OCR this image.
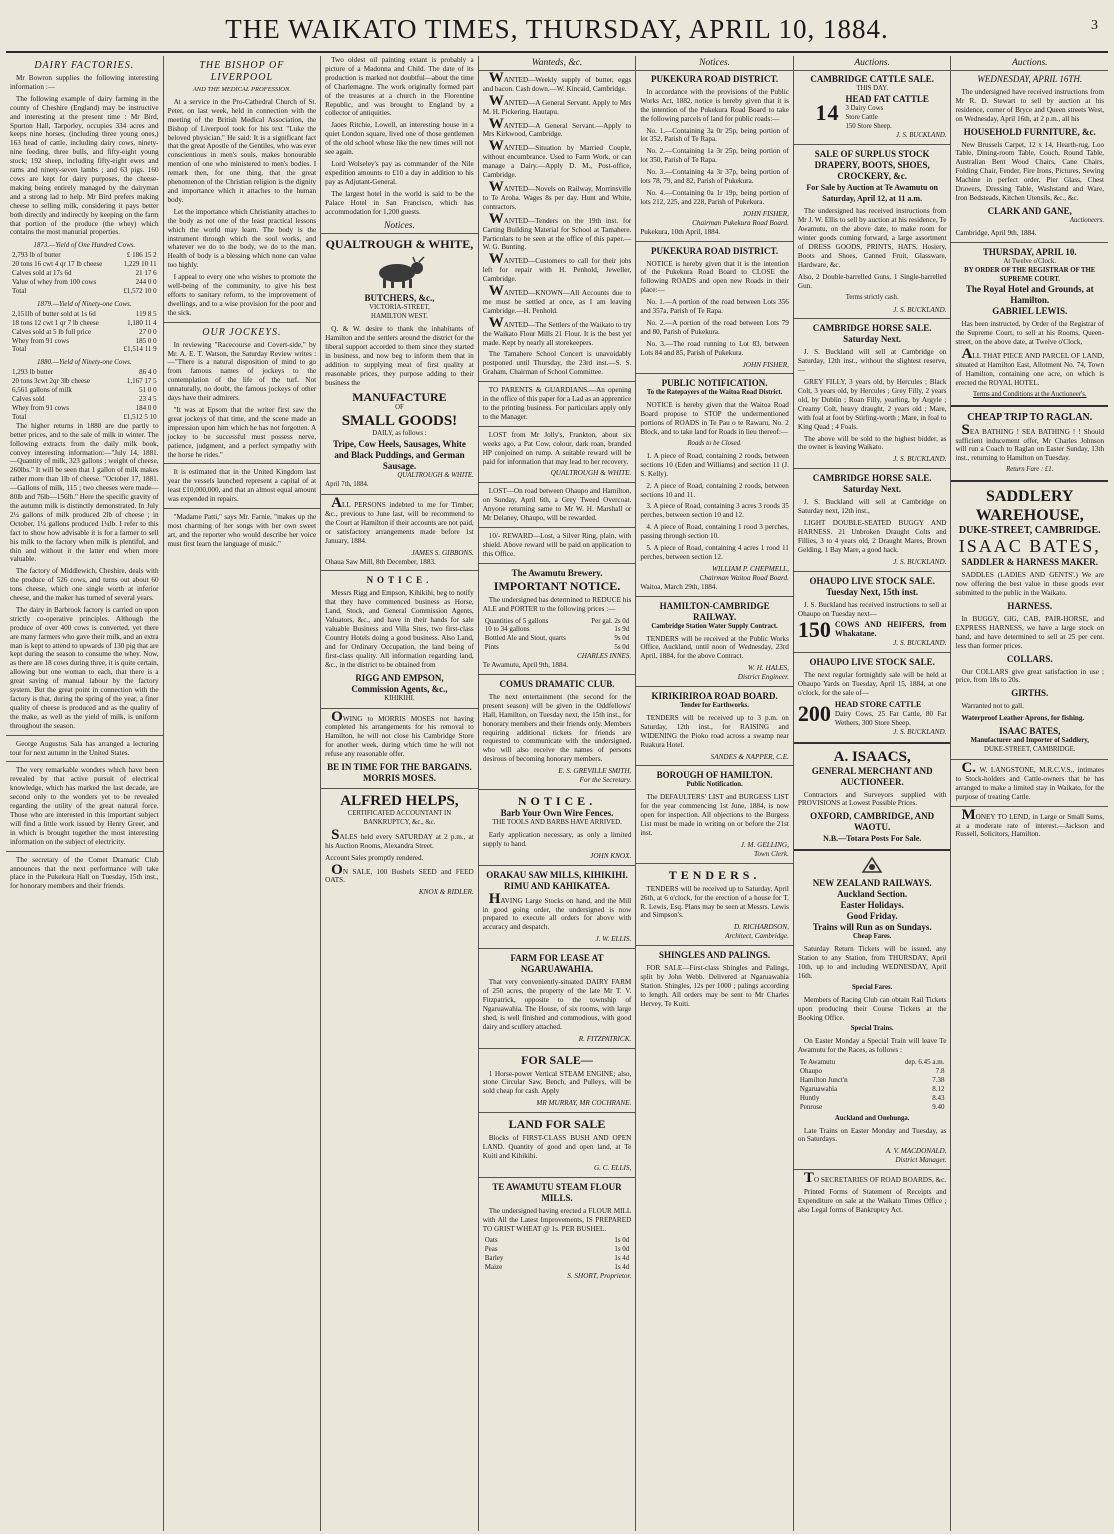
THE WAIKATO TIMES, THURSDAY, APRIL 10, 1884.	3
DAIRY FACTORIES.

Mr Bowron supplies the following interesting information :—

The following example of dairy farming in the county of Cheshire (England) may be instructive and interesting at the present time : Mr Bird, Spurton Hall, Tarporley, occupies 334 acres and keeps nine horses, (including three young ones,) 163 head of cattle, including dairy cows, ninety-nine feeding, three bulls, and fifty-eight young stock; 192 sheep, including fifty-eight ewes and rams and ninety-seven lambs ; and 63 pigs. 160 cows are kept for dairy purposes, the cheese-making being entirely managed by the dairyman and a strong lad to help. Mr Bird prefers making cheese to selling milk, considering it pays better both directly and indirectly by keeping on the farm that portion of the produce (the whey) which contains the most manurial properties.

1873.—Yield of One Hundred Cows.
2,793 lb of butter	£ 186 15 2
20 tons 16 cwt 4 qr 17 lb cheese	1,229 10 11
Calves sold at 17s 6d	21 17 6
Value of whey from 100 cows	244 0 0
Total	£1,572 10 0
1879.—Yield of Ninety-one Cows.
2,151lb of butter sold at 1s 6d	119 8 5
18 tons 12 cwt 1 qr 7 lb cheese	1,180 11 4
Calves sold at 5 lb full price	27 0 0
Whey from 91 cows	185 0 0
Total	£1,514 11 9
1880.—Yield of Ninety-one Cows.
1,293 lb butter	86 4 0
20 tons 3cwt 2qr 3lb cheese	1,167 17 5
6,561 gallons of milk	51 0 0
Calves sold	23 4 5
Whey from 91 cows	184 0 0
Total	£1,512 5 10

The higher returns in 1880 are due partly to better prices, and to the sale of milk in winter. The following extracts from the daily milk book, convey interesting information:—"July 14, 1881.—Quantity of milk, 323 gallons ; weight of cheese, 260lbs." It will be seen that 1 gallon of milk makes rather more than 1lb of cheese. "October 17, 1881.—Gallons of milk, 115 ; two cheeses were made—80lb and 76lb—156lb." Here the specific gravity of the autumn milk is distinctly demonstrated. In July 2¼ gallons of milk produced 2lb of cheese ; in October, 1¼ gallons produced 1¼lb. I refer to this fact to show how advisable it is for a farmer to sell his milk to the factory when milk is plentiful, and thin and without it the latter end when more valuable.

The factory of Middlewich, Cheshire, deals with the produce of 526 cows, and turns out about 60 tons cheese, which one single worth at inferior cheese, and the maker has turned of several years.

The dairy in Barbrook factory is carried on upon strictly co-operative principles. Although the produce of over 400 cows is converted, yet there are many farmers who gave their milk, and an extra man is kept to attend to upwards of 130 pig that are kept during the season to consume the whey. Now, as there are 18 cows during three, it is quite certain, allowing but one woman to each, that there is a great saving of manual labour by the factory system. But the great point in connection with the factory is that, during the spring of the year, a finer quality of cheese is produced and as the quality of the make, as well as the yield of milk, is uniform throughout the season.

George Augustus Sala has arranged a lecturing tour for next autumn in the United States.

The very remarkable wonders which have been revealed by that active pursuit of electrical knowledge, which has marked the last decade, are second only to the wonders yet to be revealed regarding the utility of the great natural force. Those who are interested in this important subject will find a little work issued by Henry Greer, and in which is brought together the most interesting information on the subject of electricity.

The secretary of the Comet Dramatic Club announces that the next performance will take place in the Pukekura Hall on Tuesday, 15th inst., for honorary members and their friends.

THE BISHOP OF LIVERPOOL
AND THE MEDICAL PROFESSION.

At a service in the Pro-Cathedral Church of St. Peter, on last week, held in connection with the meeting of the British Medical Association, the Bishop of Liverpool took for his text "Luke the beloved physician." He said: It is a significant fact that the great Apostle of the Gentiles, who was ever conscientious in men's souls, makes honourable mention of one who ministered to men's bodies. I remark then, for one thing, that the great phenomenon of the Christian religion is the dignity and importance which it attaches to the human body.

Let the importance which Christianity attaches to the body as not one of the least practical lessons which the world may learn. The body is the instrument through which the soul works, and whatever we do to the body, we do to the man. Health of body is a blessing which none can value too highly.

I appeal to every one who wishes to promote the well-being of the community, to give his best efforts to sanitary reform, to the improvement of dwellings, and to a wise provision for the poor and the sick.

OUR JOCKEYS.

In reviewing "Racecourse and Covert-side," by Mr. A. E. T. Watson, the Saturday Review writes :—"There is a natural disposition of mind to go from famous names of jockeys to the contemplation of the life of the turf. Not unnaturally, no doubt, the famous jockeys of other days have their admirers.

"It was at Epsom that the writer first saw the great jockeys of that time, and the scene made an impression upon him which he has not forgotten. A jockey to be successful must possess nerve, patience, judgment, and a perfect sympathy with the horse he rides."

It is estimated that in the United Kingdom last year the vessels launched represent a capital of at least £10,000,000, and that an almost equal amount was expended in repairs.

"Madame Patti," says Mr. Farnie, "makes up the most charming of her songs with her own sweet art, and the reporter who would describe her voice must first learn the language of music."

Two oldest oil painting extant is probably a picture of a Madonna and Child. The date of its production is marked not doubtful—about the time of Charlemagne. The work originally formed part of the treasures at a church in the Florentine Republic, and was brought to England by a collector of antiquities.

Jaoes Ritchie, Lowell, an interesting house in a quiet London square, lived one of those gentlemen of the old school whose like the new times will not see again.

Lord Wolseley's pay as commander of the Nile expedition amounts to £10 a day in addition to his pay as Adjutant-General.

The largest hotel in the world is said to be the Palace Hotel in San Francisco, which has accommodation for 1,200 guests.

Notices.
QUALTROUGH & WHITE,
BUTCHERS, &c.,
VICTORIA-STREET,
HAMILTON WEST.

Q. & W. desire to thank the inhabitants of Hamilton and the settlers around the district for the liberal support accorded to them since they started in business, and now beg to inform them that in addition to supplying meat of first quality at reasonable prices, they purpose adding to their business the

MANUFACTURE
OF
SMALL GOODS!
DAILY, as follows :
Tripe, Cow Heels, Sausages, White and Black Puddings, and German Sausage.
QUALTROUGH & WHITE.
April 7th, 1884.

ALL PERSONS indebted to me for Timber, &c., previous to June last, will be recommend to the Court at Hamilton if their accounts are not paid, or satisfactory arrangements made before 1st January, 1884.

JAMES S. GIBBONS.
Ohaua Saw Mill, 8th December, 1883.
NOTICE.

Messrs Rigg and Empson, Kihikihi, beg to notify that they have commenced business as Horse, Land, Stock, and General Commission Agents, Valuators, &c., and have in their hands for sale valuable Business and Villa Sites, two first-class Country Hotels doing a good business. Also Land, and for Ordinary Occupation, the land being of first-class quality. All information regarding land, &c., in the district to be obtained from

RIGG AND EMPSON,
Commission Agents, &c.,
KIHIKIHI.

OWING to MORRIS MOSES not having completed his arrangements for his removal to Hamilton, he will not close his Cambridge Store for another week, during which time he will not refuse any reasonable offer.

BE IN TIME FOR THE BARGAINS.
MORRIS MOSES.
ALFRED HELPS,
CERTIFICATED ACCOUNTANT IN BANKRUPTCY, &c., &c.

SALES held every SATURDAY at 2 p.m., at his Auction Rooms, Alexandra Street.

Account Sales promptly rendered.

ON SALE, 100 Bushels SEED and FEED OATS.

KNOX & RIDLER.
Wanteds, &c.

WANTED—Weekly supply of butter, eggs and bacon. Cash down.—W. Kincaid, Cambridge.

WANTED—A General Servant. Apply to Mrs M. H. Pickering, Hautapu.

WANTED—A General Servant.—Apply to Mrs Kirkwood, Cambridge.

WANTED—Situation by Married Couple, without encumbrance. Used to Farm Work, or can manage a Dairy.—Apply D. M., Post-office, Cambridge.

WANTED—Novels on Railway, Morrinsville to Te Aroha. Wages 8s per day. Hunt and White, contractors.

WANTED—Tenders on the 19th inst. for Carting Building Material for School at Tamahere. Particulars to be seen at the office of this paper.—W. G. Bunting.

WANTED—Customers to call for their jobs left for repair with H. Penhold, Jeweller, Cambridge.

WANTED—KNOWN—All Accounts due to me must be settled at once, as I am leaving Cambridge.—H. Penhold.

WANTED—The Settlers of the Waikato to try the Waikato Flour Mills 21 Flour. It is the best yet made. Kept by nearly all storekeepers.

The Tamahere School Concert is unavoidably postponed until Thursday, the 23rd inst.—S. S. Graham, Chairman of School Committee.

TO PARENTS & GUARDIANS.—An opening in the office of this paper for a Lad as an apprentice to the printing business. For particulars apply only to the Manager.

LOST from Mr Jolly's, Frankton, about six weeks ago, a Pat Cow, colour, dark roan, branded HP conjoined on rump. A suitable reward will be paid for information that may lead to her recovery.

QUALTROUGH & WHITE.

LOST—On road between Ohaupo and Hamilton, on Sunday, April 6th, a Grey Tweed Overcoat. Anyone returning same to Mr W. H. Marshall or Mr Delaney, Ohaupo, will be rewarded.

10/- REWARD—Lost, a Silver Ring, plain, with shield. Above reward will be paid on application to this Office.

The Awamutu Brewery.
IMPORTANT NOTICE.

The undersigned has determined to REDUCE his ALE and PORTER to the following prices :—

Quantities of 5 gallons	Per gal. 2s 0d
10 to 34 gallons	1s 9d
Bottled Ale and Stout, quarts	9s 0d
Pints	5s 0d
CHARLES INNES.
Te Awamutu, April 9th, 1884.
COMUS DRAMATIC CLUB.

The next entertainment (the second for the present season) will be given in the Oddfellows' Hall, Hamilton, on Tuesday next, the 15th inst., for honorary members and their friends only. Members requiring additional tickets for friends are requested to communicate with the undersigned, who will also receive the names of persons desirous of becoming honorary members.

E. S. GREVILLE SMITH,
For the Secretary.
NOTICE.
Barb Your Own Wire Fences.
THE TOOLS AND BARBS HAVE ARRIVED.

Early application necessary, as only a limited supply to hand.

JOHN KNOX.
ORAKAU SAW MILLS, KIHIKIHI.
RIMU AND KAHIKATEA.

HAVING Large Stocks on hand, and the Mill in good going order, the undersigned is now prepared to execute all orders for above with accuracy and despatch.

J. W. ELLIS.
FARM FOR LEASE AT NGARUAWAHIA.

That very conveniently-situated DAIRY FARM of 250 acres, the property of the late Mr T. V. Fitzpatrick, opposite to the township of Ngaruawahia. The House, of six rooms, with large shed, is well finished and commodious, with good dairy and scullery attached.

R. FITZPATRICK.
FOR SALE—

1 Horse-power Vertical STEAM ENGINE; also, stone Circular Saw, Bench, and Pulleys, will be sold cheap for cash. Apply

MR MURRAY, MR COCHRANE.
LAND FOR SALE

Blocks of FIRST-CLASS BUSH AND OPEN LAND. Quantity of good and open land, at Te Kuiti and Kihikihi.

G. C. ELLIS,
TE AWAMUTU STEAM FLOUR MILLS.

The undersigned having erected a FLOUR MILL with All the Latest Improvements, IS PREPARED TO GRIST WHEAT @ 1s. PER BUSHEL.

Oats	1s 0d
Peas	1s 0d
Barley	1s 4d
Maize	1s 4d
S. SHORT, Proprietor.
Notices.
PUKEKURA ROAD DISTRICT.

In accordance with the provisions of the Public Works Act, 1882, notice is hereby given that it is the intention of the Pukekura Road Board to take the following parcels of land for public roads:—

No. 1.—Containing 3a 0r 25p, being portion of lot 352, Parish of Te Rapa.

No. 2.—Containing 1a 3r 25p, being portion of lot 350, Parish of Te Rapa.

No. 3.—Containing 4a 3r 37p, being portion of lots 78, 79, and 82, Parish of Pukekura.

No. 4.—Containing 0a 1r 19p, being portion of lots 212, 225, and 228, Parish of Pukekura.

JOHN FISHER,
Chairman Pukekura Road Board.
Pukekura, 10th April, 1884.
PUKEKURA ROAD DISTRICT.

NOTICE is hereby given that it is the intention of the Pukekura Road Board to CLOSE the following ROADS and open new Roads in their place:—

No. 1.—A portion of the road between Lots 356 and 357a, Parish of Te Rapa.

No. 2.—A portion of the road between Lots 79 and 80, Parish of Pukekura.

No. 3.—The road running to Lot 83, between Lots 84 and 85, Parish of Pukekura.

JOHN FISHER,
PUBLIC NOTIFICATION.
To the Ratepayers of the Waitoa Road District.

NOTICE is hereby given that the Waitoa Road Board propose to STOP the undermentioned portions of ROADS in Te Pau o te Rawaru, No. 2 Block, and to take land for Roads in lieu thereof:—

Roads to be Closed.

1. A piece of Road, containing 2 roods, between sections 10 (Eden and Williams) and section 11 (J. S. Kelly).

2. A piece of Road, containing 2 roods, between sections 10 and 11.

3. A piece of Road, containing 3 acres 3 roods 35 perches, between section 10 and 12.

4. A piece of Road, containing 1 rood 3 perches, passing through section 10.

5. A piece of Road, containing 4 acres 1 rood 11 perches, between section 12.

WILLIAM P. CHEPMELL,
Chairman Waitoa Road Board.
Waitoa, March 29th, 1884.
HAMILTON-CAMBRIDGE RAILWAY.
Cambridge Station Water Supply Contract.

TENDERS will be received at the Public Works Office, Auckland, until noon of Wednesday, 23rd April, 1884, for the above Contract.

W. H. HALES,
District Engineer.
KIRIKIRIROA ROAD BOARD.
Tender for Earthworks.

TENDERS will be received up to 3 p.m. on Saturday, 12th inst., for RAISING and WIDENING the Pioko road across a swamp near Ruakura Hotel.

SANDES & NAPPER, C.E.
BOROUGH OF HAMILTON.
Public Notification.

The DEFAULTERS' LIST and BURGESS LIST for the year commencing 1st June, 1884, is now open for inspection. All objections to the Burgess List must be made in writing on or before the 21st inst.

J. M. GELLING,
Town Clerk.
TENDERS.

TENDERS will be received up to Saturday, April 26th, at 6 o'clock, for the erection of a house for T. R. Lewis, Esq. Plans may be seen at Messrs. Lewis and Simpson's.

D. RICHARDSON,
Architect, Cambridge.
SHINGLES AND PALINGS.

FOR SALE—First-class Shingles and Palings, split by John Webb. Delivered at Ngaruawahia Station. Shingles, 12s per 1000 ; palings according to length. All orders may be sent to Mr Charles Hervey, Te Kuiti.

Auctions.
CAMBRIDGE CATTLE SALE.
THIS DAY.
14
HEAD FAT CATTLE
3 Dairy Cows
Store Cattle
150 Store Sheep.
J. S. BUCKLAND.
SALE OF SURPLUS STOCK
DRAPERY, BOOTS, SHOES, CROCKERY, &c.
For Sale by Auction at Te Awamutu on Saturday, April 12, at 11 a.m.

The undersigned has received instructions from Mr J. W. Ellis to sell by auction at his residence, Te Awamutu, on the above date, to make room for winter goods coming forward, a large assortment of DRESS GOODS, PRINTS, HATS, Hosiery, Boots and Shoes, Canned Fruit, Glassware, Hardware, &c.

Also, 2 Double-barrelled Guns, 1 Single-barrelled Gun.
Terms strictly cash.
J. S. BUCKLAND.
CAMBRIDGE HORSE SALE.
Saturday Next.

J. S. Buckland will sell at Cambridge on Saturday, 12th inst., without the slightest reserve,—

GREY FILLY, 3 years old, by Hercules ; Black Colt, 3 years old, by Hercules ; Grey Filly, 2 years old, by Dublin ; Roan Filly, yearling, by Argyle ; Creamy Colt, heavy draught, 2 years old ; Mare, with foal at foot by Stirling-worth ; Mare, in foal to King Quad ; 4 Foals.

The above will be sold to the highest bidder, as the owner is leaving Waikato.

J. S. BUCKLAND.
CAMBRIDGE HORSE SALE.
Saturday Next.

J. S. Buckland will sell at Cambridge on Saturday next, 12th inst.,

LIGHT DOUBLE-SEATED BUGGY AND HARNESS. 21 Unbroken Draught Colts and Fillies, 3 to 4 years old, 2 Draught Mares, Brown Gelding, 1 Bay Mare, a good hack.

J. S. BUCKLAND.
OHAUPO LIVE STOCK SALE.
Tuesday Next, 15th inst.

J. S. Buckland has received instructions to sell at Ohaupo on Tuesday next—

150 COWS AND HEIFERS, from Whakatane.
J. S. BUCKLAND.
OHAUPO LIVE STOCK SALE.

The next regular fortnightly sale will be held at Ohaupo Yards on Tuesday, April 15, 1884, at one o'clock, for the sale of—

200 HEAD STORE CATTLE
Dairy Cows, 25 Fat Cattle, 80 Fat Wethers, 300 Store Sheep.
J. S. BUCKLAND.
A. ISAACS,
GENERAL MERCHANT AND AUCTIONEER.

Contractors and Surveyors supplied with PROVISIONS at Lowest Possible Prices.

OXFORD, CAMBRIDGE, AND WAOTU.
N.B.—Totara Posts For Sale.
NEW ZEALAND RAILWAYS.
Auckland Section.
Easter Holidays.
Good Friday.
Trains will Run as on Sundays.
Cheap Fares.

Saturday Return Tickets will be issued, any Station to any Station, from THURSDAY, April 10th, up to and including WEDNESDAY, April 16th.

Special Fares.

Members of Racing Club can obtain Rail Tickets upon producing their Course Tickets at the Booking Office.

Special Trains.

On Easter Monday a Special Train will leave Te Awamutu for the Races, as follows :

Te Awamutu	dep. 6.45 a.m.
Ohaupo	7.8
Hamilton Junct'n	7.38
Ngaruawahia	8.12
Huntly	8.43
Penrose	9.40
Auckland and Onehunga.

Late Trains on Easter Monday and Tuesday, as on Saturdays.

A. V. MACDONALD,
District Manager.

TO SECRETARIES OF ROAD BOARDS, &c.

Printed Forms of Statement of Receipts and Expenditure on sale at the Waikato Times Office ; also Legal forms of Bankruptcy Act.

Auctions.
WEDNESDAY, APRIL 16TH.

The undersigned have received instructions from Mr R. D. Stewart to sell by auction at his residence, corner of Bryce and Queen streets West, on Wednesday, April 16th, at 2 p.m., all his

HOUSEHOLD FURNITURE, &c.

New Brussels Carpet, 12 x 14, Hearth-rug, Loo Table, Dining-room Table, Couch, Round Table, Australian Bent Wood Chairs, Cane Chairs, Folding Chair, Fender, Fire Irons, Pictures, Sewing Machine in perfect order, Pier Glass, Chest Drawers, Dressing Table, Washstand and Ware, Iron Bedsteads, Kitchen Utensils, &c., &c.

CLARK AND GANE,
Auctioneers.
Cambridge, April 9th, 1884.
THURSDAY, APRIL 10.
At Twelve o'Clock.
BY ORDER OF THE REGISTRAR OF THE SUPREME COURT.
The Royal Hotel and Grounds, at Hamilton.
GABRIEL LEWIS.

Has been instructed, by Order of the Registrar of the Supreme Court, to sell at his Rooms, Queen-street, on the above date, at Twelve o'Clock,

ALL THAT PIECE AND PARCEL OF LAND, situated at Hamilton East, Allotment No. 74, Town of Hamilton, containing one acre, on which is erected the ROYAL HOTEL.

Terms and Conditions at the Auctioneer's.
CHEAP TRIP TO RAGLAN.

SEA BATHING ! SEA BATHING ! ! Should sufficient inducement offer, Mr Charles Johnson will run a Coach to Raglan on Easter Sunday, 13th inst., returning to Hamilton on Tuesday.

Return Fare : £1.
SADDLERY WAREHOUSE,
DUKE-STREET, CAMBRIDGE.
ISAAC BATES,
SADDLER & HARNESS MAKER.

SADDLES (LADIES AND GENTS'.) We are now offering the best value in these goods ever submitted to the public in the Waikato.

HARNESS.

In BUGGY, GIG, CAB, PAIR-HORSE, and EXPRESS HARNESS, we have a large stock on hand, and have determined to sell at 25 per cent. less than former prices.

COLLARS.

Our COLLARS give great satisfaction in use ; price, from 18s to 20s.

GIRTHS.

Warranted not to gall.

Waterproof Leather Aprons, for fishing.

ISAAC BATES,
Manufacturer and Importer of Saddlery,
DUKE-STREET, CAMBRIDGE.

C. W. LANGSTONE, M.R.C.V.S., intimates to Stock-holders and Cattle-owners that he has arranged to make a limited stay in Waikato, for the purpose of treating Cattle.

MONEY TO LEND, in Large or Small Sums, at a moderate rate of interest.—Jackson and Russell, Solicitors, Hamilton.
